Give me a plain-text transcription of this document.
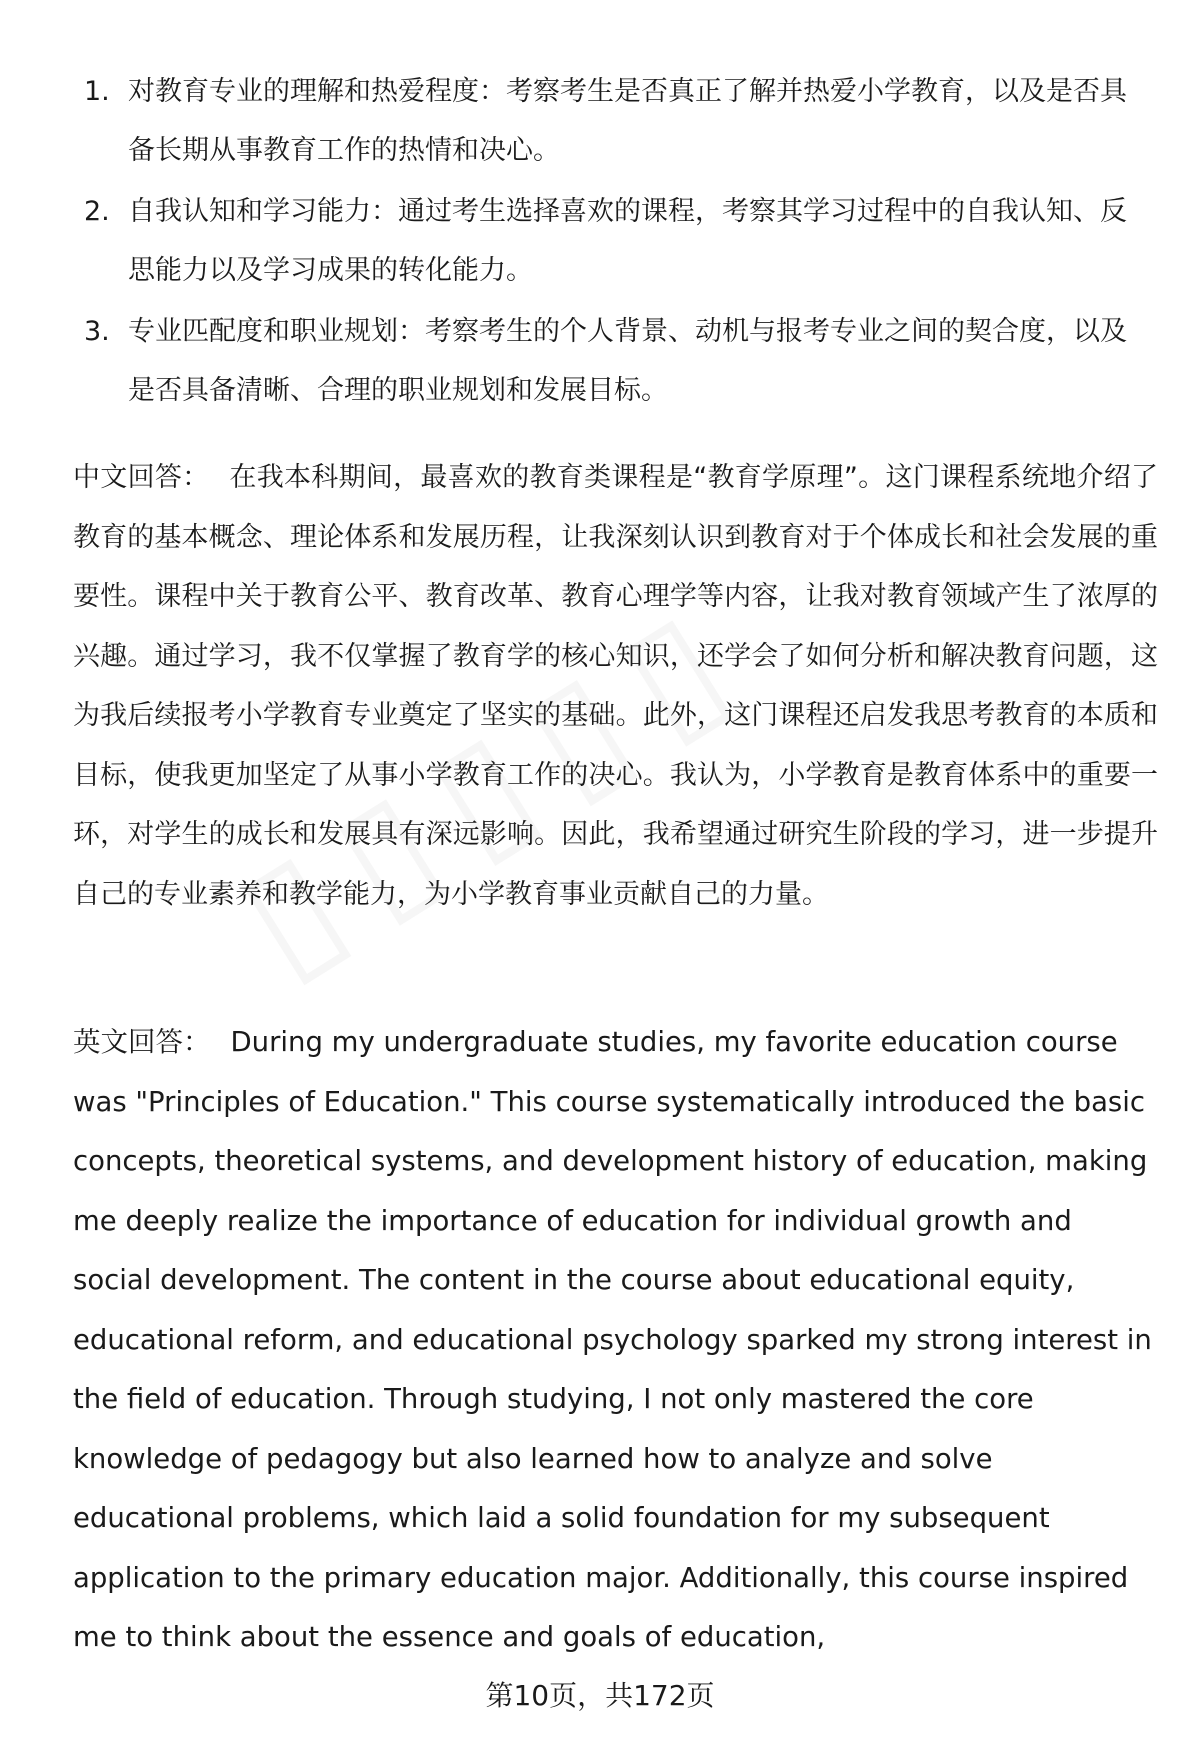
1. 对教育专业的理解和热爱程度：考察考生是否真正了解并热爱小学教育，以及是否具备长期从事教育工作的热情和决心。
2. 自我认知和学习能力：通过考生选择喜欢的课程，考察其学习过程中的自我认知、反思能力以及学习成果的转化能力。
3. 专业匹配度和职业规划：考察考生的个人背景、动机与报考专业之间的契合度，以及是否具备清晰、合理的职业规划和发展目标。

中文回答： 在我本科期间，最喜欢的教育类课程是“教育学原理”。这门课程系统地介绍了教育的基本概念、理论体系和发展历程，让我深刻认识到教育对于个体成长和社会发展的重要性。课程中关于教育公平、教育改革、教育心理学等内容，让我对教育领域产生了浓厚的兴趣。通过学习，我不仅掌握了教育学的核心知识，还学会了如何分析和解决教育问题，这为我后续报考小学教育专业奠定了坚实的基础。此外，这门课程还启发我思考教育的本质和目标，使我更加坚定了从事小学教育工作的决心。我认为，小学教育是教育体系中的重要一环，对学生的成长和发展具有深远影响。因此，我希望通过研究生阶段的学习，进一步提升自己的专业素养和教学能力，为小学教育事业贡献自己的力量。

英文回答： During my undergraduate studies, my favorite education course was "Principles of Education." This course systematically introduced the basic concepts, theoretical systems, and development history of education, making me deeply realize the importance of education for individual growth and social development. The content in the course about educational equity, educational reform, and educational psychology sparked my strong interest in the field of education. Through studying, I not only mastered the core knowledge of pedagogy but also learned how to analyze and solve educational problems, which laid a solid foundation for my subsequent application to the primary education major. Additionally, this course inspired me to think about the essence and goals of education,

第10页，共172页
